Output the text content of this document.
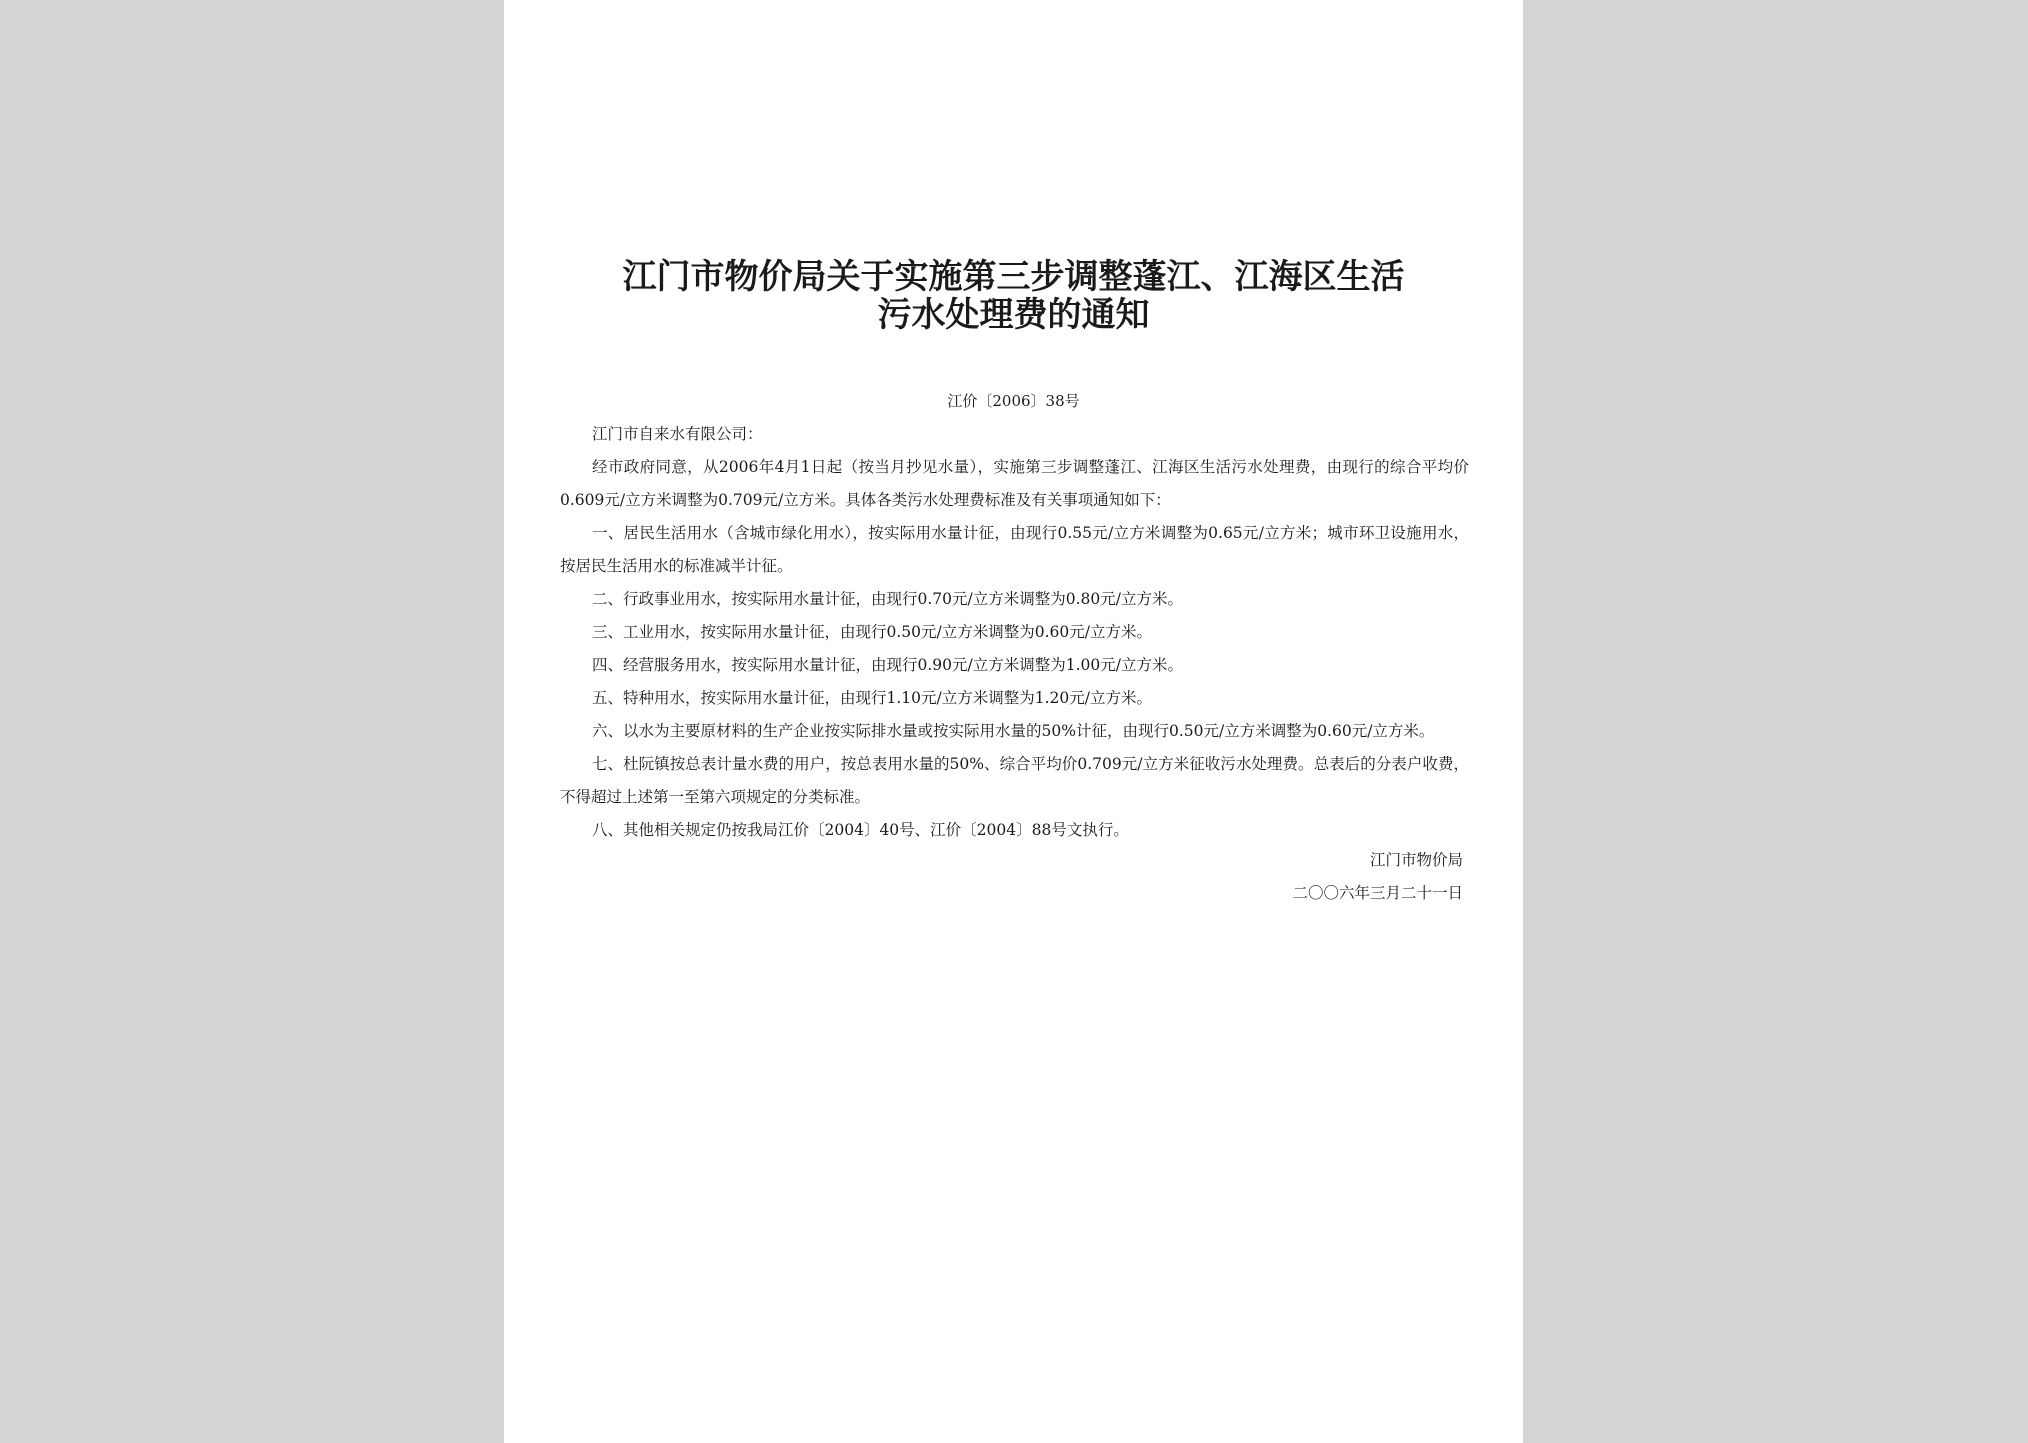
江门市物价局关于实施第三步调整蓬江、江海区生活
污水处理费的通知
江价〔2006〕38号

江门市自来水有限公司：

经市政府同意，从2006年4月1日起（按当月抄见水量），实施第三步调整蓬江、江海区生活污水处理费，由现行的综合平均价0.609元/立方米调整为0.709元/立方米。具体各类污水处理费标准及有关事项通知如下：

一、居民生活用水（含城市绿化用水），按实际用水量计征，由现行0.55元/立方米调整为0.65元/立方米；城市环卫设施用水，按居民生活用水的标准减半计征。

二、行政事业用水，按实际用水量计征，由现行0.70元/立方米调整为0.80元/立方米。

三、工业用水，按实际用水量计征，由现行0.50元/立方米调整为0.60元/立方米。

四、经营服务用水，按实际用水量计征，由现行0.90元/立方米调整为1.00元/立方米。

五、特种用水，按实际用水量计征，由现行1.10元/立方米调整为1.20元/立方米。

六、以水为主要原材料的生产企业按实际排水量或按实际用水量的50%计征，由现行0.50元/立方米调整为0.60元/立方米。

七、杜阮镇按总表计量水费的用户，按总表用水量的50%、综合平均价0.709元/立方米征收污水处理费。总表后的分表户收费，不得超过上述第一至第六项规定的分类标准。

八、其他相关规定仍按我局江价〔2004〕40号、江价〔2004〕88号文执行。

江门市物价局
二〇〇六年三月二十一日
